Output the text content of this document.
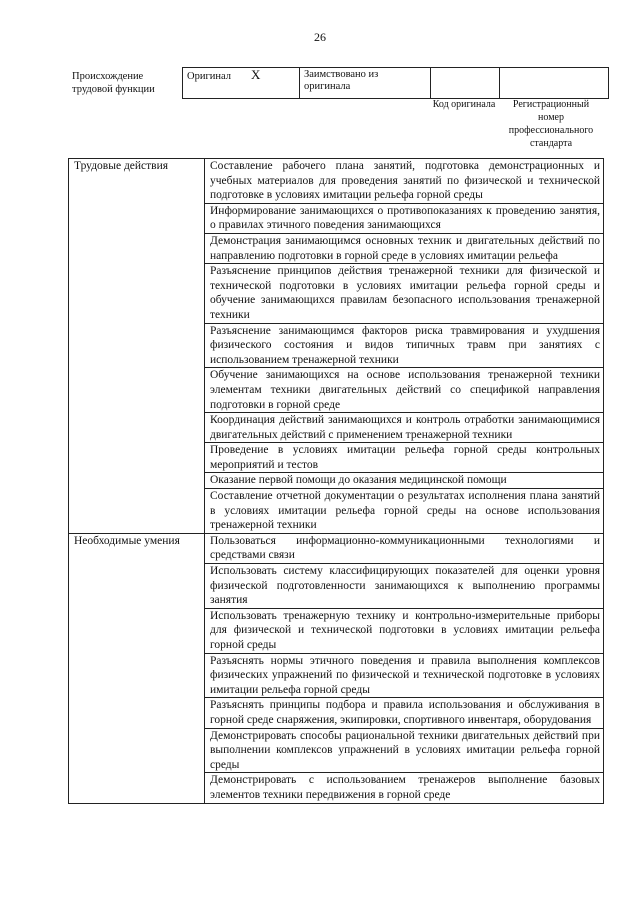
26
Происхождение трудовой функции
Оригинал X	Заимствовано из оригинала		
Код оригинала	Регистрационный номер профессионального стандарта
Трудовые действия	Составление рабочего плана занятий, подготовка демонстрационных и учебных материалов для проведения занятий по физической и технической подготовке в условиях имитации рельефа горной среды
	Информирование занимающихся о противопоказаниях к проведению занятия, о правилах этичного поведения занимающихся
	Демонстрация занимающимся основных техник и двигательных действий по направлению подготовки в горной среде в условиях имитации рельефа
	Разъяснение принципов действия тренажерной техники для физической и технической подготовки в условиях имитации рельефа горной среды и обучение занимающихся правилам безопасного использования тренажерной техники
	Разъяснение занимающимся факторов риска травмирования и ухудшения физического состояния и видов типичных травм при занятиях с использованием тренажерной техники
	Обучение занимающихся на основе использования тренажерной техники элементам техники двигательных действий со спецификой направления подготовки в горной среде
	Координация действий занимающихся и контроль отработки занимающимися двигательных действий с применением тренажерной техники
	Проведение в условиях имитации рельефа горной среды контрольных мероприятий и тестов
	Оказание первой помощи до оказания медицинской помощи
	Составление отчетной документации о результатах исполнения плана занятий в условиях имитации рельефа горной среды на основе использования тренажерной техники
Необходимые умения	Пользоваться информационно-коммуникационными технологиями и средствами связи
	Использовать систему классифицирующих показателей для оценки уровня физической подготовленности занимающихся к выполнению программы занятия
	Использовать тренажерную технику и контрольно-измерительные приборы для физической и технической подготовки в условиях имитации рельефа горной среды
	Разъяснять нормы этичного поведения и правила выполнения комплексов физических упражнений по физической и технической подготовке в условиях имитации рельефа горной среды
	Разъяснять принципы подбора и правила использования и обслуживания в горной среде снаряжения, экипировки, спортивного инвентаря, оборудования
	Демонстрировать способы рациональной техники двигательных действий при выполнении комплексов упражнений в условиях имитации рельефа горной среды
	Демонстрировать с использованием тренажеров выполнение базовых элементов техники передвижения в горной среде
